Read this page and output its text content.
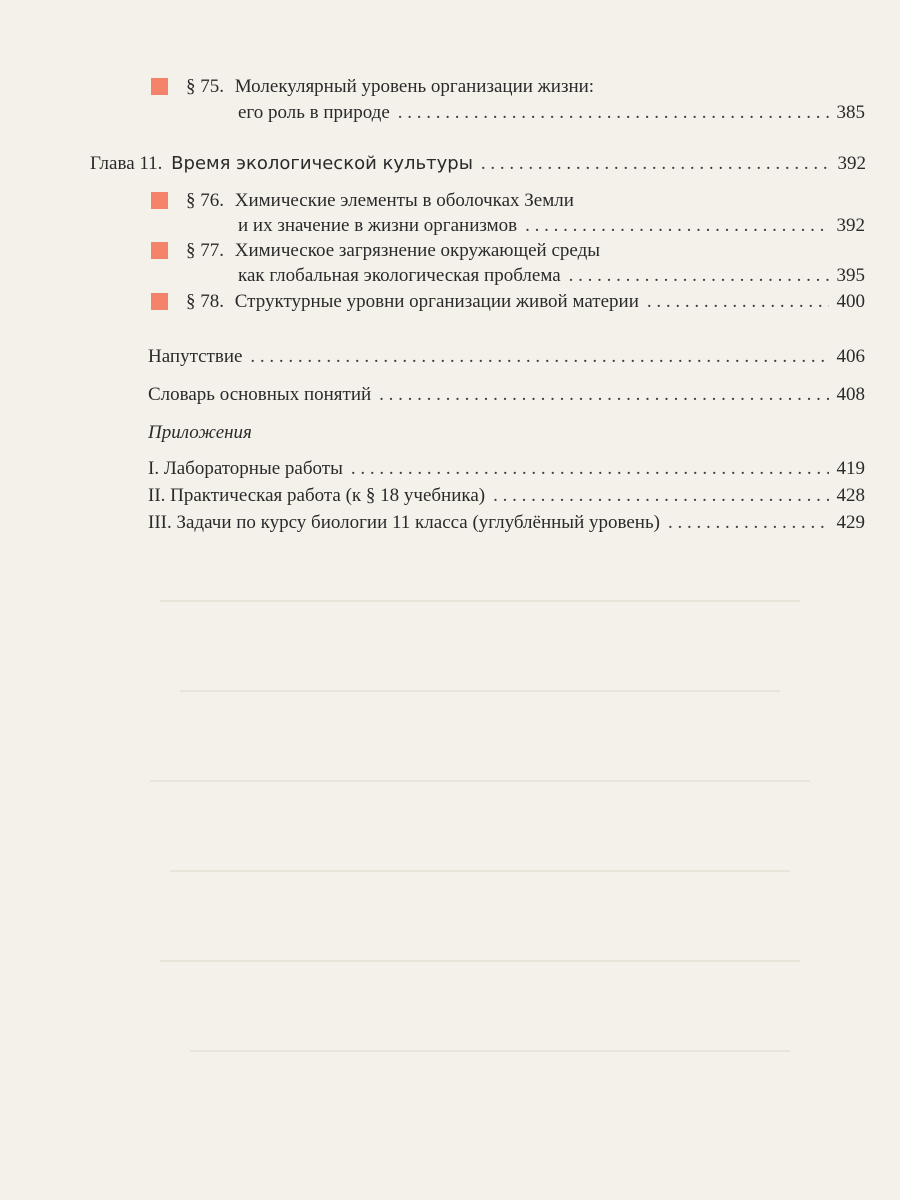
§ 75. Молекулярный уровень организации жизни:
его роль в природе . . .	385
Глава 11. Время экологической культуры . . .	392
§ 76. Химические элементы в оболочках Земли
и их значение в жизни организмов . . .	392
§ 77. Химическое загрязнение окружающей среды
как глобальная экологическая проблема . . .	395
§ 78. Структурные уровни организации живой материи . . .	400
Напутствие . . .	406
Словарь основных понятий . . .	408
Приложения
I. Лабораторные работы . . .	419
II. Практическая работа (к § 18 учебника) . . .	428
III. Задачи по курсу биологии 11 класса (углублённый уровень) . . .	429
